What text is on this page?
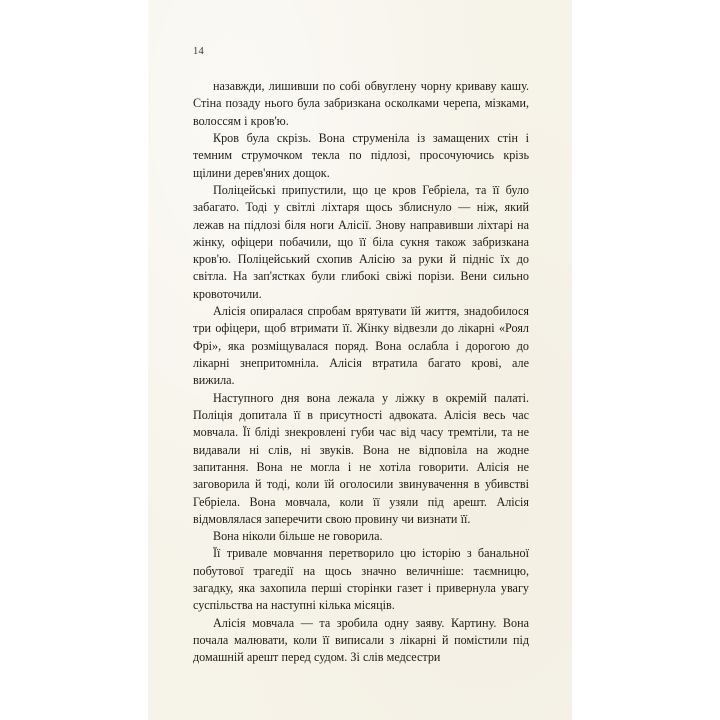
14

назавжди, лишивши по собі обвуглену чорну криваву кашу. Стіна позаду нього була забризкана осколками черепа, мізками, волоссям і кров'ю.

Кров була скрізь. Вона струменіла із замащених стін і темним струмочком текла по підлозі, просочуючись крізь щілини дерев'яних дощок.

Поліцейські припустили, що це кров Гебріела, та її було забагато. Тоді у світлі ліхтаря щось зблиснуло — ніж, який лежав на підлозі біля ноги Алісії. Знову направивши ліхтарі на жінку, офіцери побачили, що її біла сукня також забризкана кров'ю. Поліцейський схопив Алісію за руки й підніс їх до світла. На зап'ястках були глибокі свіжі порізи. Вени сильно кровоточили.

Алісія опиралася спробам врятувати їй життя, знадобилося три офіцери, щоб втримати її. Жінку відвезли до лікарні «Роял Фрі», яка розміщувалася поряд. Вона ослабла і дорогою до лікарні знепритомніла. Алісія втратила багато крові, але вижила.

Наступного дня вона лежала у ліжку в окремій палаті. Поліція допитала її в присутності адвоката. Алісія весь час мовчала. Її бліді знекровлені губи час від часу тремтіли, та не видавали ні слів, ні звуків. Вона не відповіла на жодне запитання. Вона не могла і не хотіла говорити. Алісія не заговорила й тоді, коли їй оголосили звинувачення в убивстві Гебріела. Вона мовчала, коли її узяли під арешт. Алісія відмовлялася заперечити свою провину чи визнати її.

Вона ніколи більше не говорила.

Її тривале мовчання перетворило цю історію з банальної побутової трагедії на щось значно величніше: таємницю, загадку, яка захопила перші сторінки газет і привернула увагу суспільства на наступні кілька місяців.

Алісія мовчала — та зробила одну заяву. Картину. Вона почала малювати, коли її виписали з лікарні й помістили під домашній арешт перед судом. Зі слів медсестри
